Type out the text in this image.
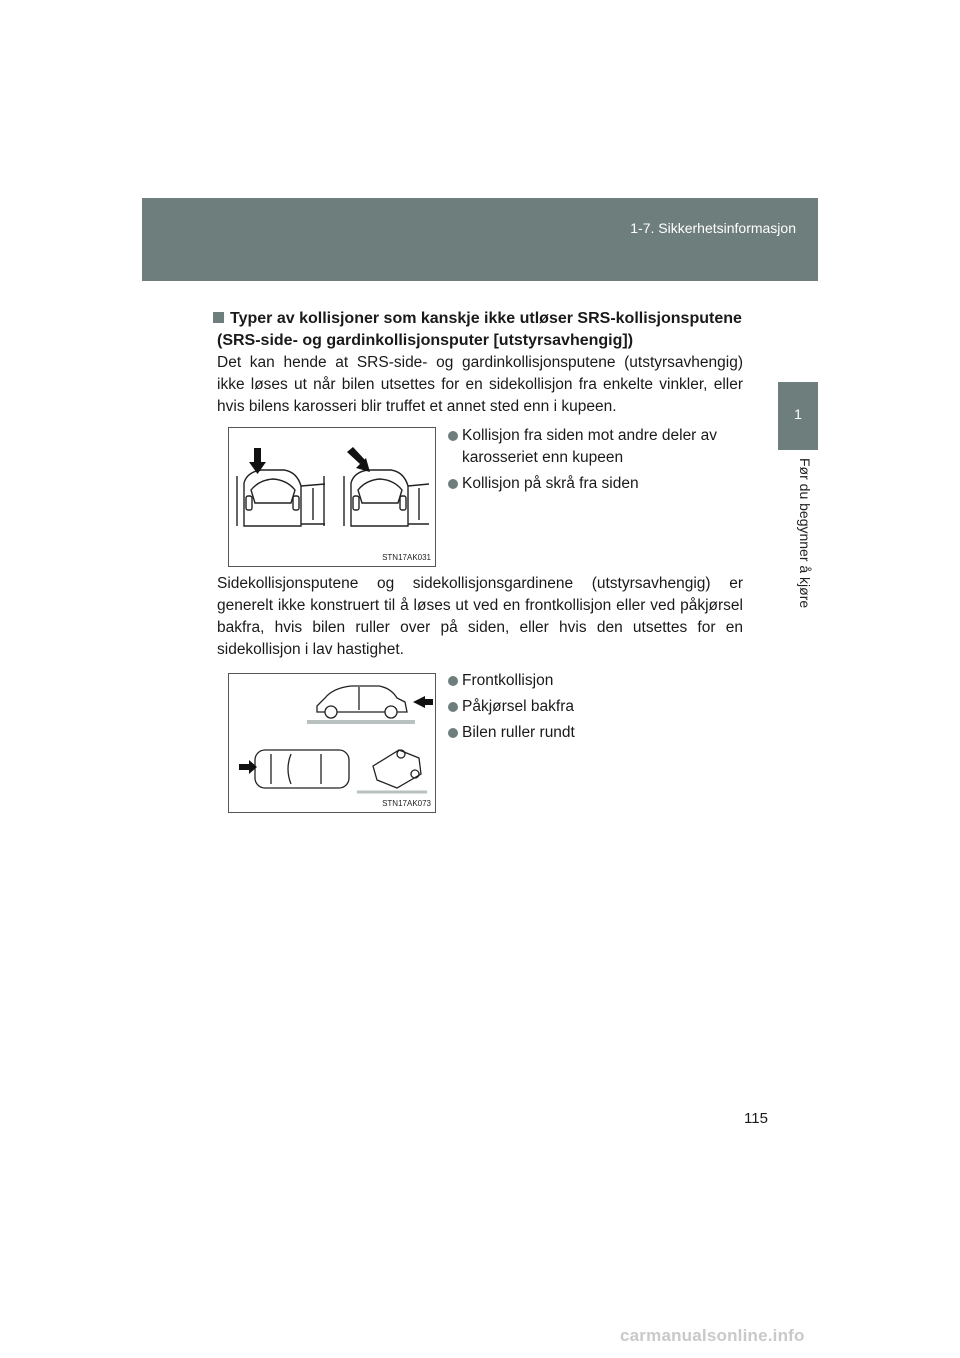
1-7. Sikkerhetsinformasjon
1
Før du begynner å kjøre
Typer av kollisjoner som kanskje ikke utløser SRS-kollisjonsputene
(SRS-side- og gardinkollisjonsputer [utstyrsavhengig])
Det kan hende at SRS-side- og gardinkollisjonsputene (utstyrsavhengig) ikke løses ut når bilen utsettes for en sidekollisjon fra enkelte vinkler, eller hvis bilens karosseri blir truffet et annet sted enn i kupeen.
STN17AK031
Kollisjon fra siden mot andre deler av karosseriet enn kupeen
Kollisjon på skrå fra siden
Sidekollisjonsputene og sidekollisjonsgardinene (utstyrsavhengig) er generelt ikke konstruert til å løses ut ved en frontkollisjon eller ved påkjørsel bakfra, hvis bilen ruller over på siden, eller hvis den utsettes for en sidekollisjon i lav hastighet.
STN17AK073
Frontkollisjon
Påkjørsel bakfra
Bilen ruller rundt
115
carmanualsonline.info
